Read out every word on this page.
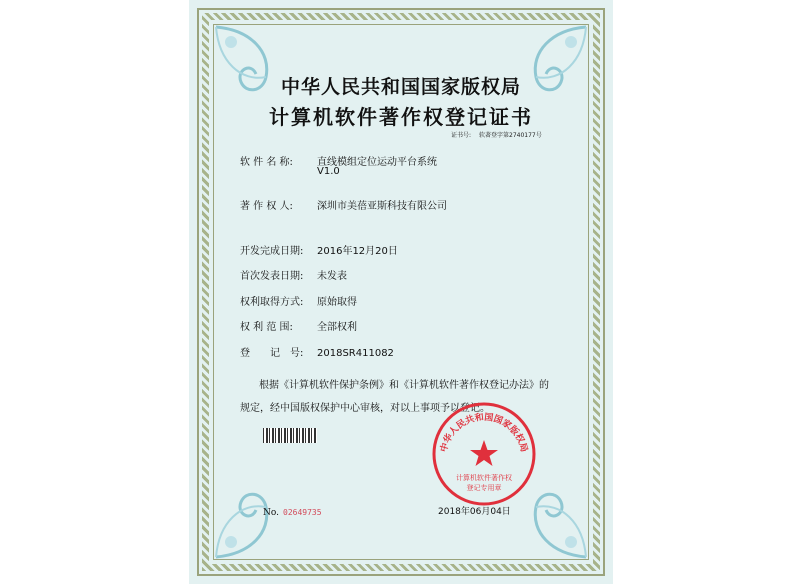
中华人民共和国国家版权局
计算机软件著作权登记证书
证书号: 软著登字第2740177号
软 件 名 称: 直线模组定位运动平台系统
V1.0
著 作 权 人: 深圳市美蓓亚斯科技有限公司
开发完成日期: 2016年12月20日
首次发表日期: 未发表
权利取得方式: 原始取得
权 利 范 围: 全部权利
登　　记　号: 2018SR411082
根据《计算机软件保护条例》和《计算机软件著作权登记办法》的
规定，经中国版权保护中心审核，对以上事项予以登记。
No. 02649735
中华人民共和国国家版权局
计算机软件著作权
登记专用章
2018年06月04日
